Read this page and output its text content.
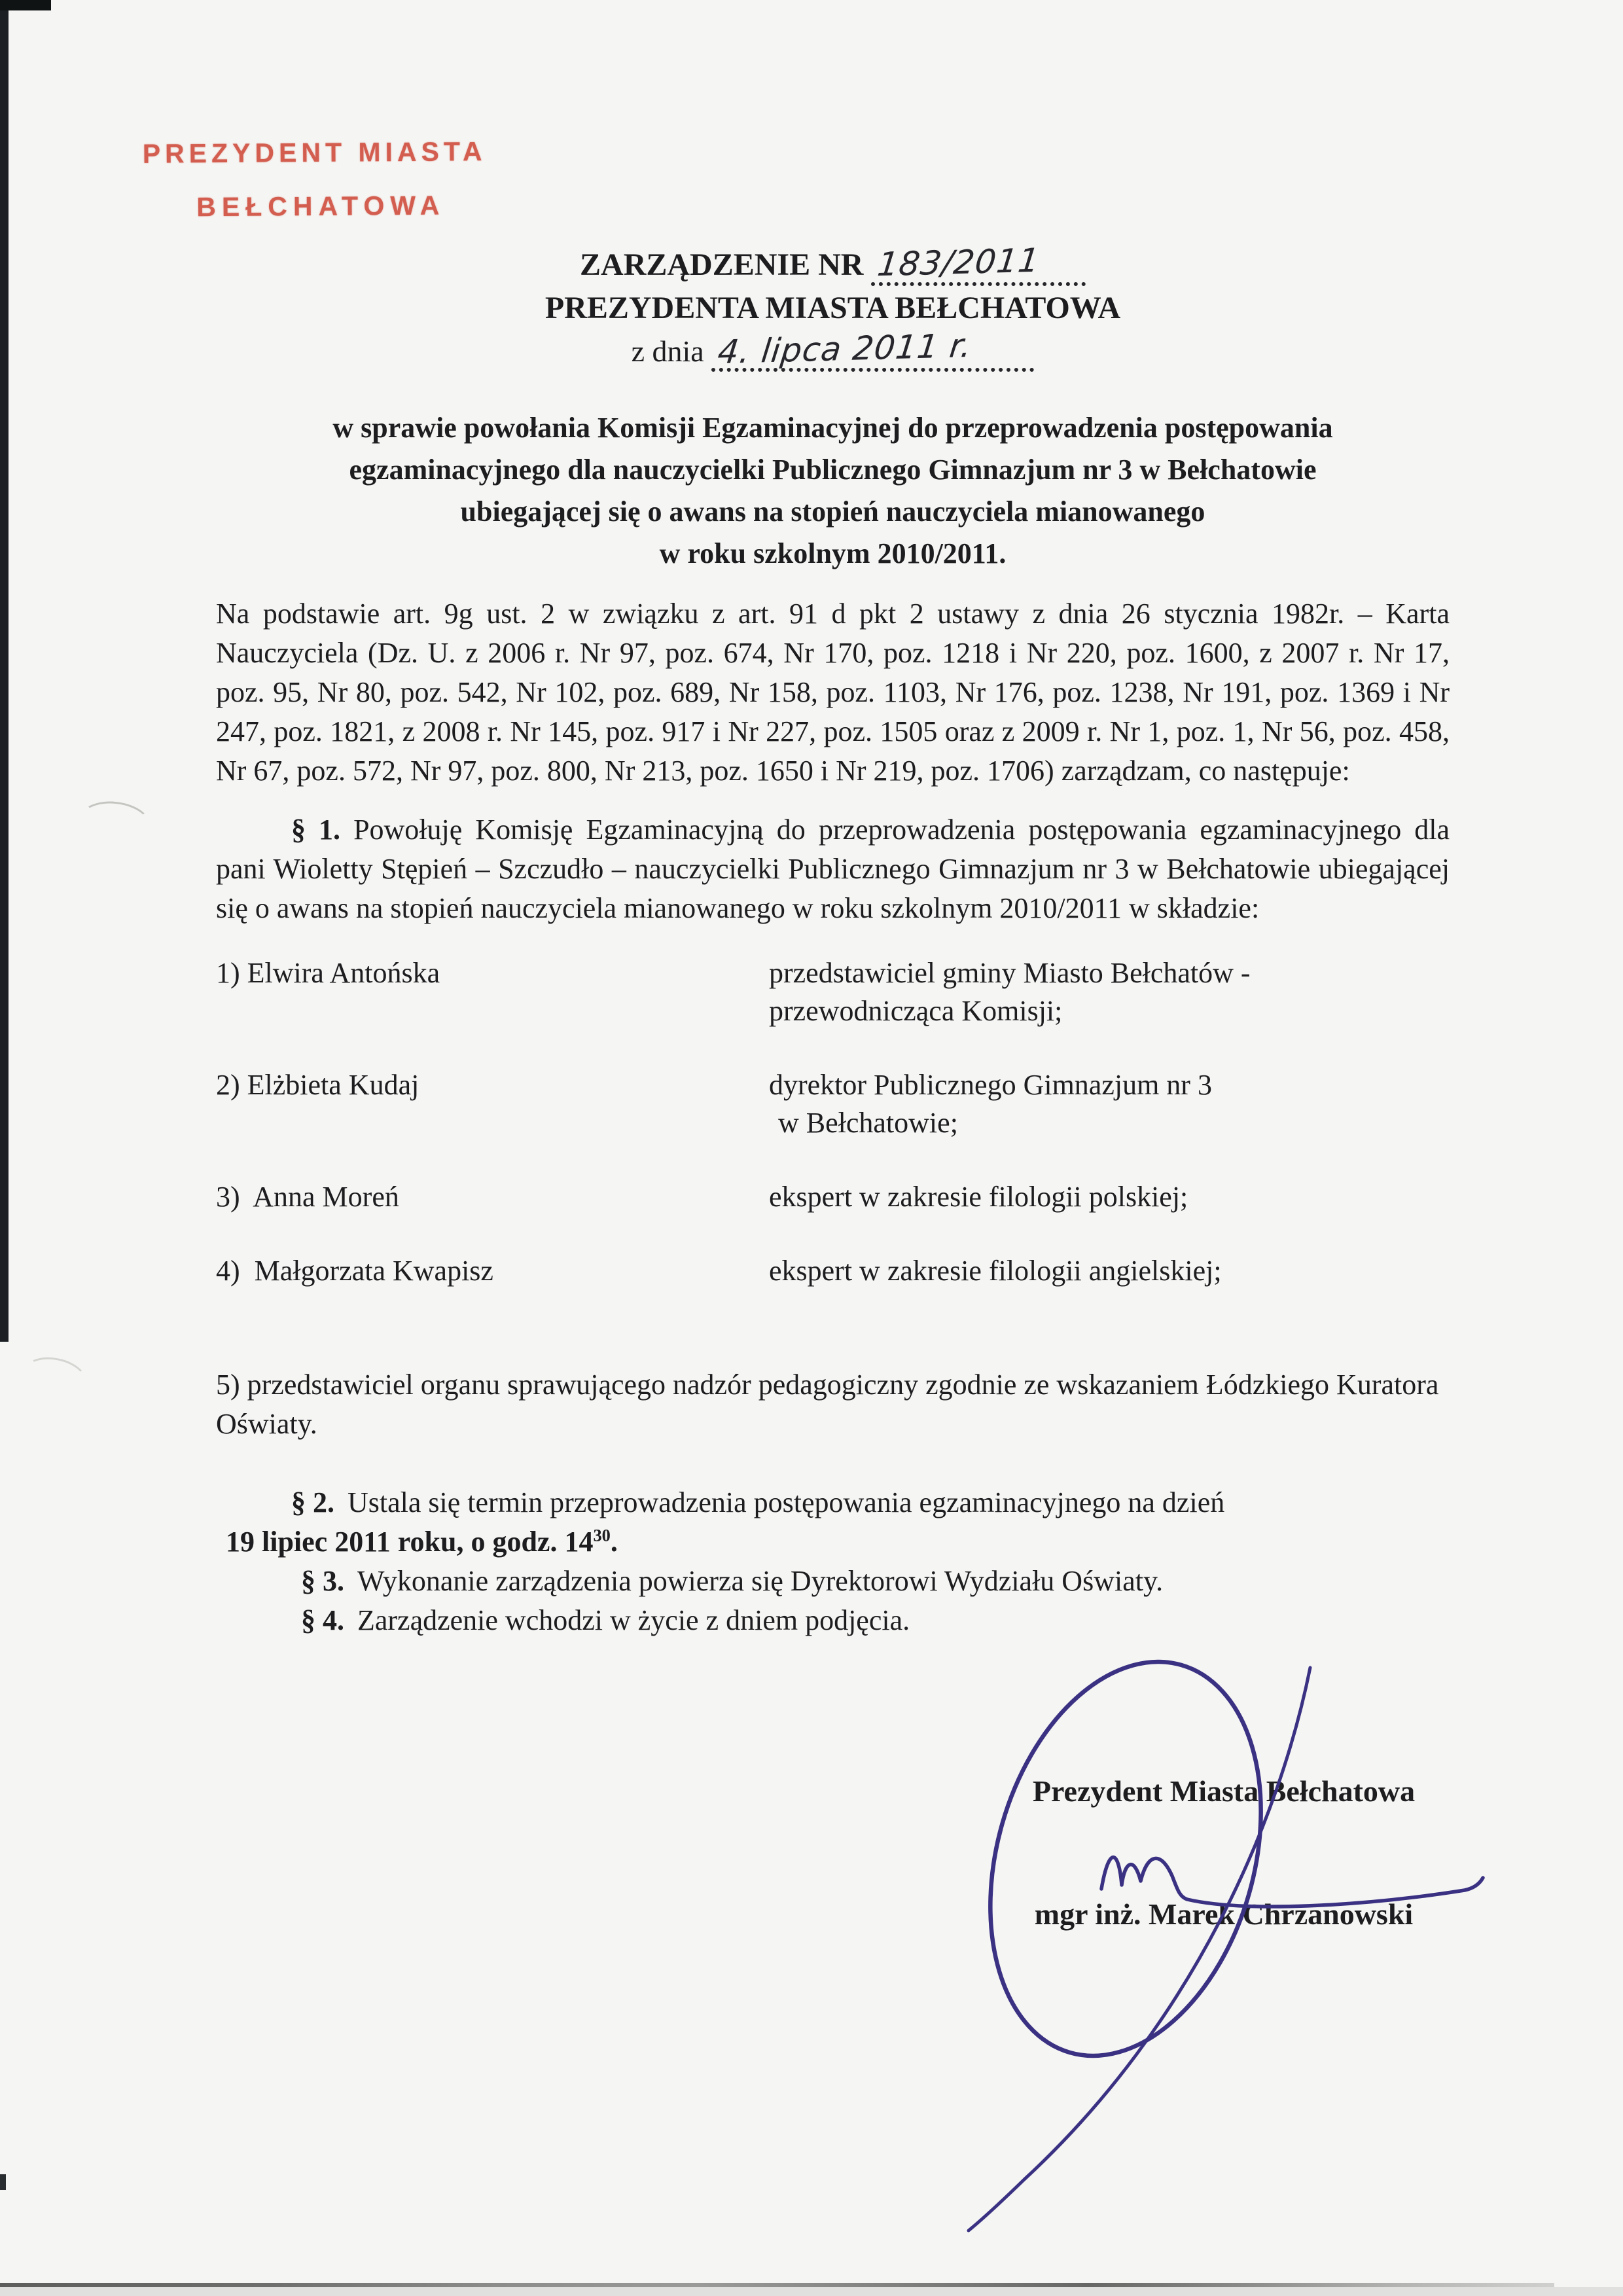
PREZYDENT MIASTA
BEŁCHATOWA
ZARZĄDZENIE NR 183/2011
PREZYDENTA MIASTA BEŁCHATOWA
z dnia 4. lipca 2011 r.
w sprawie powołania Komisji Egzaminacyjnej do przeprowadzenia postępowania
egzaminacyjnego dla nauczycielki Publicznego Gimnazjum nr 3 w Bełchatowie
ubiegającej się o awans na stopień nauczyciela mianowanego
w roku szkolnym 2010/2011.

Na podstawie art. 9g ust. 2 w związku z art. 91 d pkt 2 ustawy z dnia 26 stycznia 1982r. – Karta Nauczyciela (Dz. U. z 2006 r. Nr 97, poz. 674, Nr 170, poz. 1218 i Nr 220, poz. 1600, z 2007 r. Nr 17, poz. 95, Nr 80, poz. 542, Nr 102, poz. 689, Nr 158, poz. 1103, Nr 176, poz. 1238, Nr 191, poz. 1369 i Nr 247, poz. 1821, z 2008 r. Nr 145, poz. 917 i Nr 227, poz. 1505 oraz z 2009 r. Nr 1, poz. 1, Nr 56, poz. 458, Nr 67, poz. 572, Nr 97, poz. 800, Nr 213, poz. 1650 i Nr 219, poz. 1706) zarządzam, co następuje:

§ 1. Powołuję Komisję Egzaminacyjną do przeprowadzenia postępowania egzaminacyjnego dla pani Wioletty Stępień – Szczudło – nauczycielki Publicznego Gimnazjum nr 3 w Bełchatowie ubiegającej się o awans na stopień nauczyciela mianowanego w roku szkolnym 2010/2011 w składzie:

1) Elwira Antońska	przedstawiciel gminy Miasto Bełchatów -
przewodnicząca Komisji;
2) Elżbieta Kudaj	dyrektor Publicznego Gimnazjum nr 3
w Bełchatowie;
3) Anna Moreń	ekspert w zakresie filologii polskiej;
4) Małgorzata Kwapisz	ekspert w zakresie filologii angielskiej;

5) przedstawiciel organu sprawującego nadzór pedagogiczny zgodnie ze wskazaniem Łódzkiego Kuratora Oświaty.

§ 2. Ustala się termin przeprowadzenia postępowania egzaminacyjnego na dzień
19 lipiec 2011 roku, o godz. $14^{30}$.

§ 3. Wykonanie zarządzenia powierza się Dyrektorowi Wydziału Oświaty.

§ 4. Zarządzenie wchodzi w życie z dniem podjęcia.

Prezydent Miasta Bełchatowa
mgr inż. Marek Chrzanowski
